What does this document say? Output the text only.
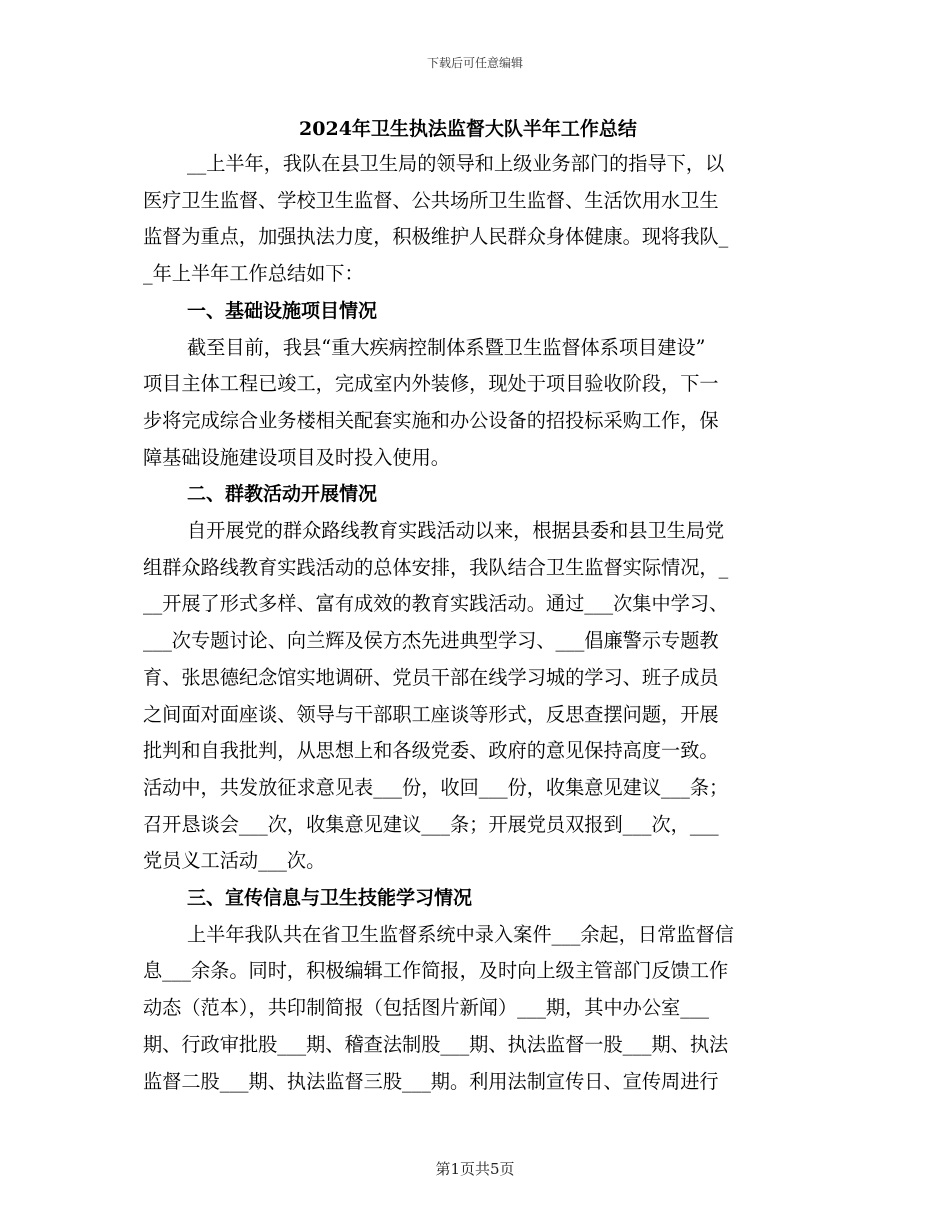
下载后可任意编辑
2024年卫生执法监督大队半年工作总结
__上半年，我队在县卫生局的领导和上级业务部门的指导下，以
医疗卫生监督、学校卫生监督、公共场所卫生监督、生活饮用水卫生
监督为重点，加强执法力度，积极维护人民群众身体健康。现将我队_
_年上半年工作总结如下：
一、基础设施项目情况
截至目前，我县“重大疾病控制体系暨卫生监督体系项目建设”
项目主体工程已竣工，完成室内外装修，现处于项目验收阶段，下一
步将完成综合业务楼相关配套实施和办公设备的招投标采购工作，保
障基础设施建设项目及时投入使用。
二、群教活动开展情况
自开展党的群众路线教育实践活动以来，根据县委和县卫生局党
组群众路线教育实践活动的总体安排，我队结合卫生监督实际情况，_
__开展了形式多样、富有成效的教育实践活动。通过___次集中学习、
___次专题讨论、向兰辉及侯方杰先进典型学习、___倡廉警示专题教
育、张思德纪念馆实地调研、党员干部在线学习城的学习、班子成员
之间面对面座谈、领导与干部职工座谈等形式，反思查摆问题，开展
批判和自我批判，从思想上和各级党委、政府的意见保持高度一致。
活动中，共发放征求意见表___份，收回___份，收集意见建议___条；
召开恳谈会___次，收集意见建议___条；开展党员双报到___次，___
党员义工活动___次。
三、宣传信息与卫生技能学习情况
上半年我队共在省卫生监督系统中录入案件___余起，日常监督信
息___余条。同时，积极编辑工作简报，及时向上级主管部门反馈工作
动态（范本），共印制简报（包括图片新闻）___期，其中办公室___
期、行政审批股___期、稽查法制股___期、执法监督一股___期、执法
监督二股___期、执法监督三股___期。利用法制宣传日、宣传周进行
第1页共5页
